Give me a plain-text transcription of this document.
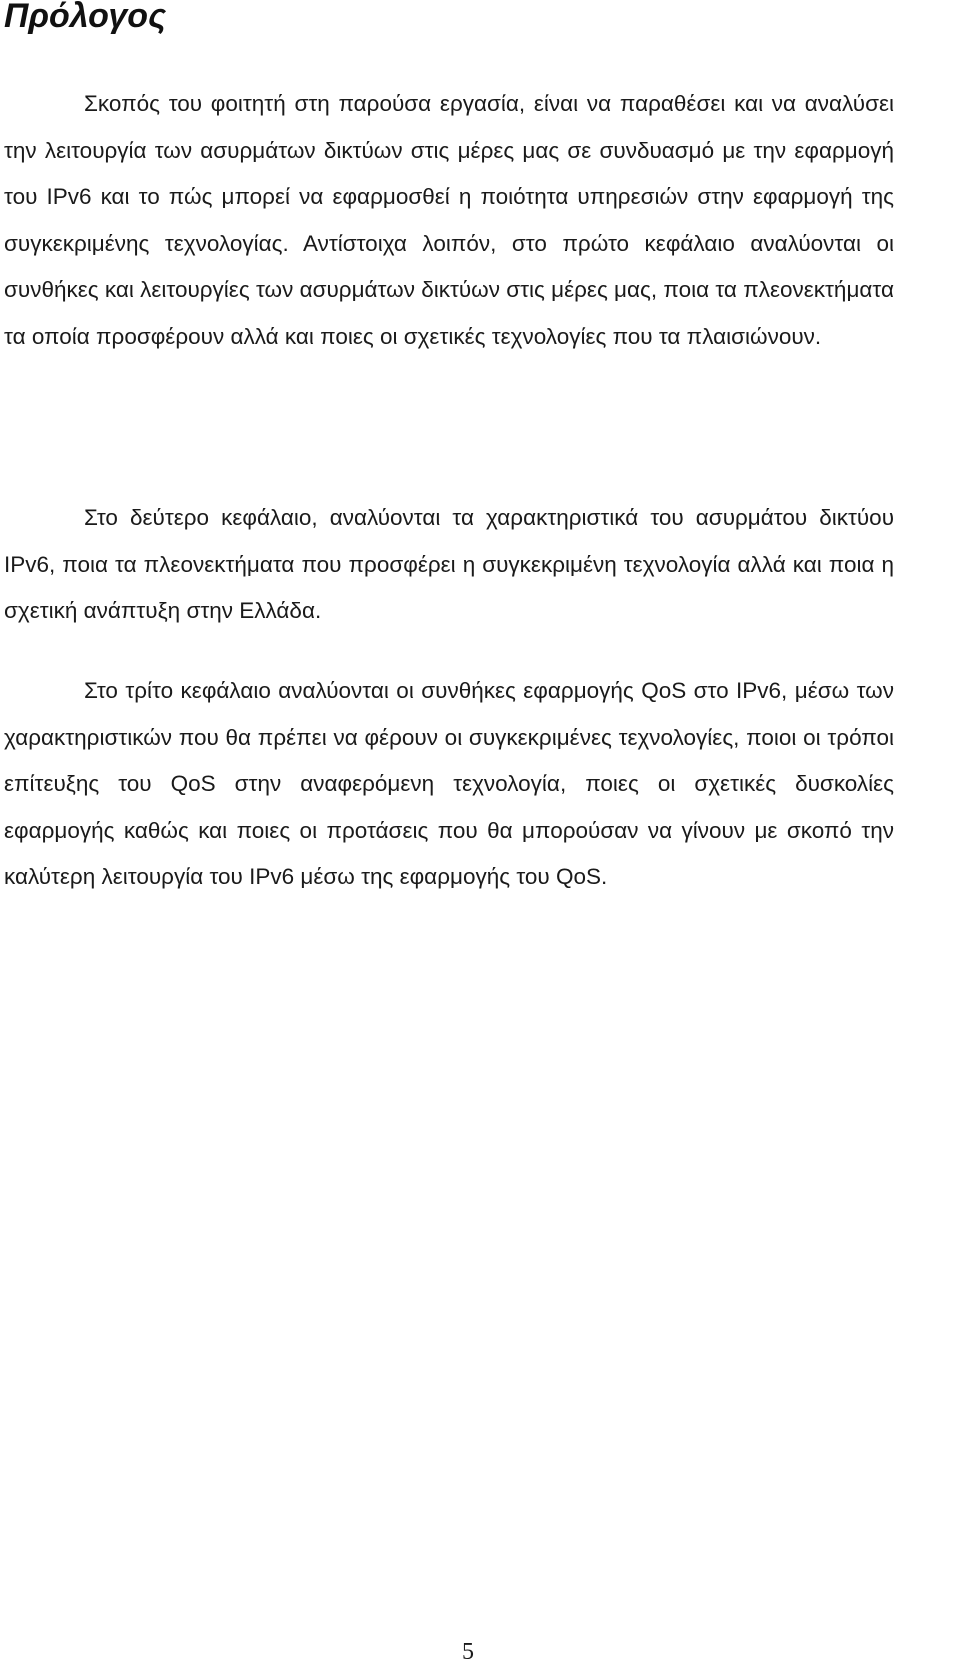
Πρόλογος

Σκοπός του φοιτητή στη παρούσα εργασία, είναι να παραθέσει και να αναλύσει την λειτουργία των ασυρμάτων δικτύων στις μέρες μας σε συνδυασμό με την εφαρμογή του IPv6 και το πώς μπορεί να εφαρμοσθεί η ποιότητα υπηρεσιών στην εφαρμογή της συγκεκριμένης τεχνολογίας. Αντίστοιχα λοιπόν, στο πρώτο κεφάλαιο αναλύονται οι συνθήκες και λειτουργίες των ασυρμάτων δικτύων στις μέρες μας, ποια τα πλεονεκτήματα τα οποία προσφέρουν αλλά και ποιες οι σχετικές τεχνολογίες που τα πλαισιώνουν.

Στο δεύτερο κεφάλαιο, αναλύονται τα χαρακτηριστικά του ασυρμάτου δικτύου IPv6, ποια τα πλεονεκτήματα που προσφέρει η συγκεκριμένη τεχνολογία αλλά και ποια η σχετική ανάπτυξη στην Ελλάδα.

Στο τρίτο κεφάλαιο αναλύονται οι συνθήκες εφαρμογής QoS στο IPv6, μέσω των χαρακτηριστικών που θα πρέπει να φέρουν οι συγκεκριμένες τεχνολογίες, ποιοι οι τρόποι επίτευξης του QoS στην αναφερόμενη τεχνολογία, ποιες οι σχετικές δυσκολίες εφαρμογής καθώς και ποιες οι προτάσεις που θα μπορούσαν να γίνουν με σκοπό την καλύτερη λειτουργία του IPv6 μέσω της εφαρμογής του QoS.

5
